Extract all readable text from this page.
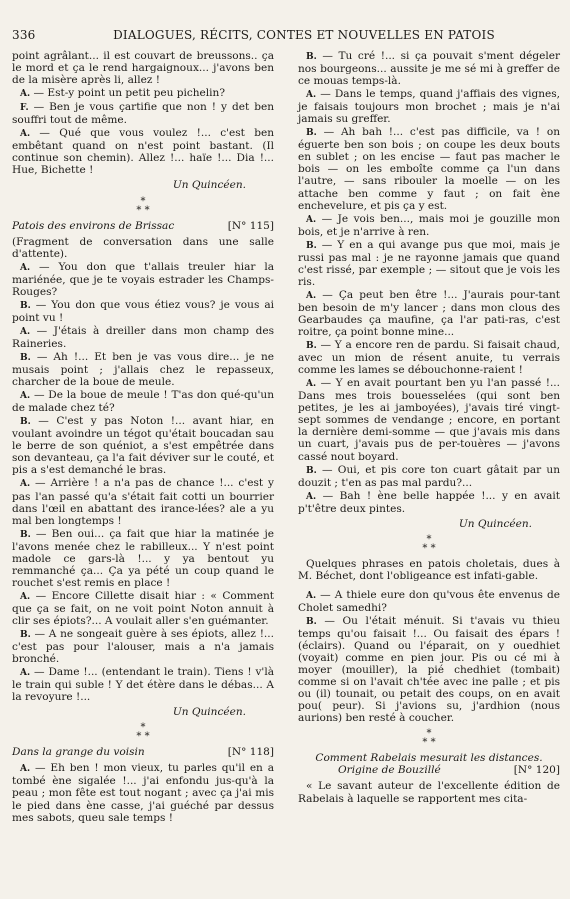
336	DIALOGUES, RÉCITS, CONTES ET NOUVELLES EN PATOIS

point agrâlant... il est couvart de breussons.. ça le mord et ça le rend hargaignoux... j'avons ben de la misère après li, allez !

A. — Est-y point un petit peu pichelin?

F. — Ben je vous çartifie que non ! y det ben souffri tout de même.

A. — Qué que vous voulez !... c'est ben embêtant quand on n'est point bastant. (Il continue son chemin). Allez !... haïe !... Dia !... Hue, Bichette !

Un Quincéen.

*
* *
Patois des environs de Brissac	[N° 115]

(Fragment de conversation dans une salle d'attente).

A. — You don que t'allais treuler hiar la mariénée, que je te voyais estrader les Champs-Rouges?

B. — You don que vous étiez vous? je vous ai point vu !

A. — J'étais à dreiller dans mon champ des Raineries.

B. — Ah !... Et ben je vas vous dire... je ne musais point ; j'allais chez le repasseux, charcher de la boue de meule.

A. — De la boue de meule ! T'as don qué-qu'un de malade chez té?

B. — C'est y pas Noton !... avant hiar, en voulant avoindre un tégot qu'était boucadan sau le berre de son quéniot, a s'est empêtrée dans son devanteau, ça l'a fait déviver sur le couté, et pis a s'est demanché le bras.

A. — Arrière ! a n'a pas de chance !... c'est y pas l'an passé qu'a s'était fait cotti un bourrier dans l'œil en abattant des irance-lées? ale a yu mal ben longtemps !

B. — Ben oui... ça fait que hiar la matinée je l'avons menée chez le rabilleux... Y n'est point madole ce gars-là !... y ya bentout yu remmanché ça... Ça ya pété un coup quand le rouchet s'est remis en place !

A. — Encore Cillette disait hiar : « Comment que ça se fait, on ne voit point Noton annuit à clir ses épiots?... A voulait aller s'en guémanter.

B. — A ne songeait guère à ses épiots, allez !... c'est pas pour l'alouser, mais a n'a jamais bronché.

A. — Dame !... (entendant le train). Tiens ! v'là le train qui suble ! Y det étère dans le débas... A la revoyure !...

Un Quincéen.

*
* *
Dans la grange du voisin	[N° 118]

A. — Eh ben ! mon vieux, tu parles qu'il en a tombé ène sigalée !... j'ai enfondu jus-qu'à la peau ; mon fête est tout nogant ; avec ça j'ai mis le pied dans ène casse, j'ai guéché par dessus mes sabots, queu sale temps !

B. — Tu cré !... si ça pouvait s'ment dégeler nos bourgeons... aussite je me sé mi à greffer de ce mouas temps-là.

A. — Dans le temps, quand j'affiais des vignes, je faisais toujours mon brochet ; mais je n'ai jamais su greffer.

B. — Ah bah !... c'est pas difficile, va ! on éguerte ben son bois ; on coupe les deux bouts en sublet ; on les encise — faut pas macher le bois — on les emboîte comme ça l'un dans l'autre, — sans ribouler la moelle — on les attache ben comme y faut ; on fait ène enchevelure, et pis ça y est.

A. — Je vois ben..., mais moi je gouzille mon bois, et je n'arrive à ren.

B. — Y en a qui avange pus que moi, mais je russi pas mal : je ne rayonne jamais que quand c'est rissé, par exemple ; — sitout que je vois les ris.

A. — Ça peut ben être !... J'aurais pour-tant ben besoin de m'y lancer ; dans mon clous des Gearbaudes ça maufine, ça l'ar pati-ras, c'est roitre, ça point bonne mine...

B. — Y a encore ren de pardu. Si faisait chaud, avec un mion de résent anuite, tu verrais comme les lames se débouchonne-raient !

A. — Y en avait pourtant ben yu l'an passé !... Dans mes trois bouesselées (qui sont ben petites, je les ai jamboyées), j'avais tiré vingt-sept sommes de vendange ; encore, en portant la dernière demi-somme — que j'avais mis dans un cuart, j'avais pus de per-touères — j'avons cassé nout boyard.

B. — Oui, et pis core ton cuart gâtait par un douzit ; t'en as pas mal pardu?...

A. — Bah ! ène belle happée !... y en avait p't'être deux pintes.

Un Quincéen.

*
* *

Quelques phrases en patois choletais, dues à M. Béchet, dont l'obligeance est infati-gable.

A. — A thiele eure don qu'vous ête envenus de Cholet samedhi?

B. — Ou l'était ménuit. Si t'avais vu thieu temps qu'ou faisait !... Ou faisait des épars ! (éclairs). Quand ou l'éparait, on y ouedhiet (voyait) comme en pien jour. Pis ou cé mi à moyer (mouiller), la pié chedhiet (tombait) comme si on l'avait ch'tée avec ine palle ; et pis ou (il) tounait, ou petait des coups, on en avait pou( peur). Si j'avions su, j'ardhion (nous aurions) ben resté à coucher.

*
* *
Comment Rabelais mesurait les distances.
Origine de Bouzillé	[N° 120]

« Le savant auteur de l'excellente édition de Rabelais à laquelle se rapportent mes cita-
